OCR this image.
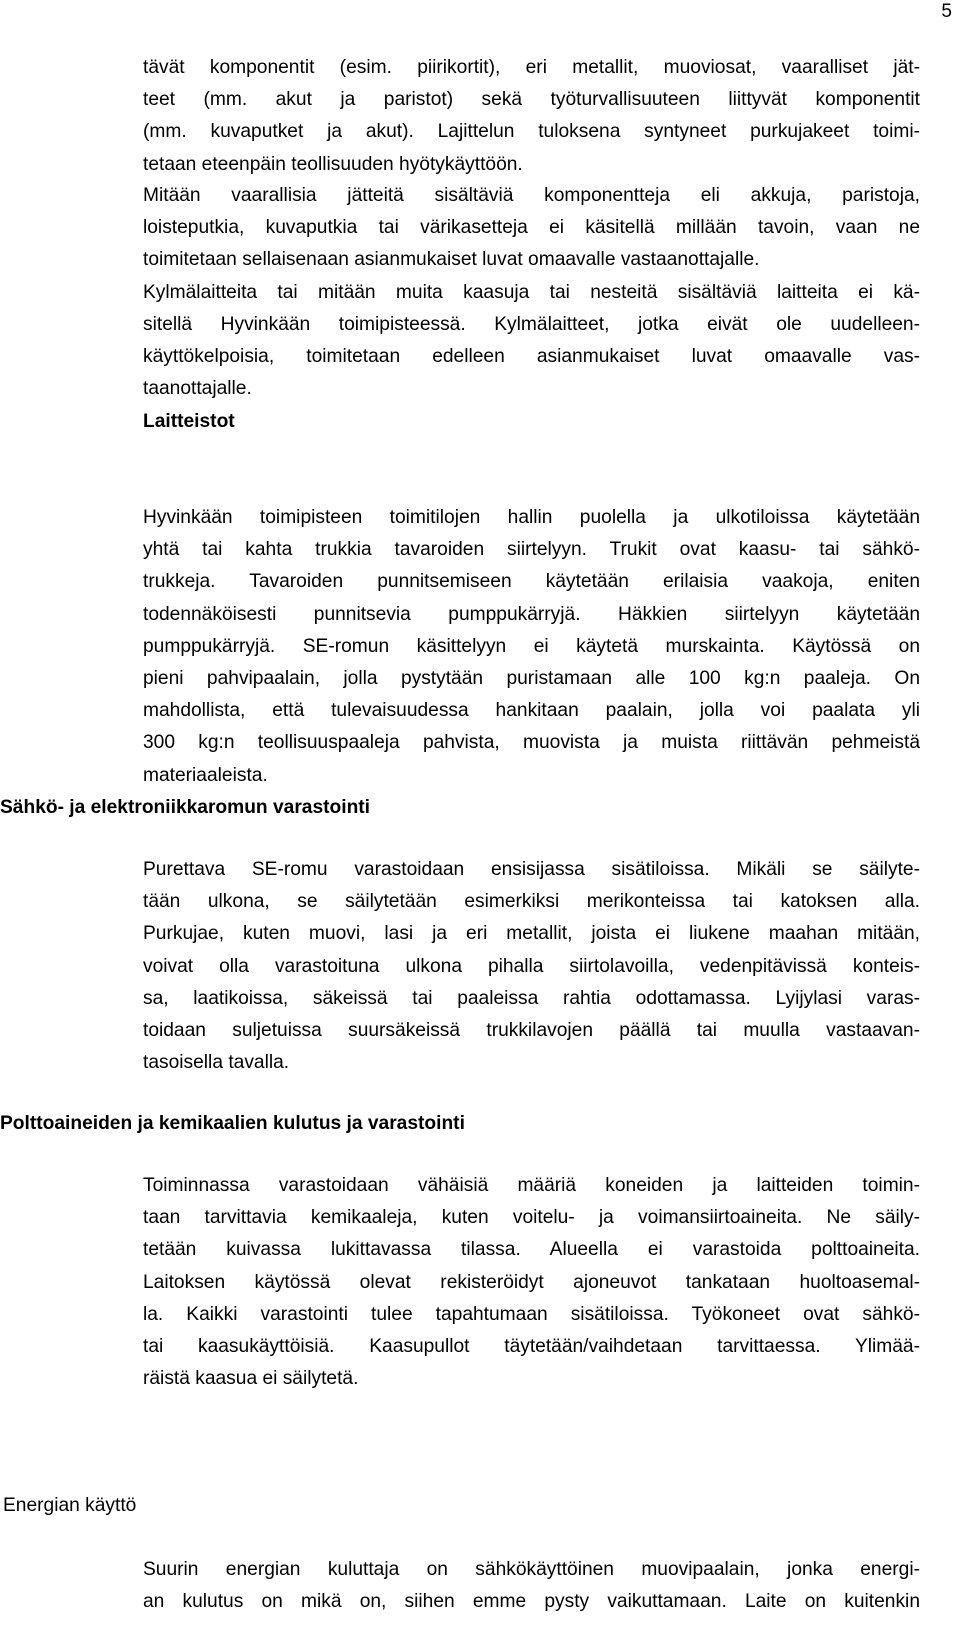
5
tävät komponentit (esim. piirikortit), eri metallit, muoviosat, vaaralliset jät-
teet (mm. akut ja paristot) sekä työturvallisuuteen liittyvät komponentit
(mm. kuvaputket ja akut). Lajittelun tuloksena syntyneet purkujakeet toimi-
tetaan eteenpäin teollisuuden hyötykäyttöön.
Mitään vaarallisia jätteitä sisältäviä komponentteja eli akkuja, paristoja,
loisteputkia, kuvaputkia tai värikasetteja ei käsitellä millään tavoin, vaan ne
toimitetaan sellaisenaan asianmukaiset luvat omaavalle vastaanottajalle.
Kylmälaitteita tai mitään muita kaasuja tai nesteitä sisältäviä laitteita ei kä-
sitellä Hyvinkään toimipisteessä. Kylmälaitteet, jotka eivät ole uudelleen-
käyttökelpoisia, toimitetaan edelleen asianmukaiset luvat omaavalle vas-
taanottajalle.
Laitteistot
Hyvinkään toimipisteen toimitilojen hallin puolella ja ulkotiloissa käytetään
yhtä tai kahta trukkia tavaroiden siirtelyyn. Trukit ovat kaasu- tai sähkö-
trukkeja. Tavaroiden punnitsemiseen käytetään erilaisia vaakoja, eniten
todennäköisesti punnitsevia pumppukärryjä. Häkkien siirtelyyn käytetään
pumppukärryjä. SE-romun käsittelyyn ei käytetä murskainta. Käytössä on
pieni pahvipaalain, jolla pystytään puristamaan alle 100 kg:n paaleja. On
mahdollista, että tulevaisuudessa hankitaan paalain, jolla voi paalata yli
300 kg:n teollisuuspaaleja pahvista, muovista ja muista riittävän pehmeistä
materiaaleista.
Sähkö- ja elektroniikkaromun varastointi
Purettava SE-romu varastoidaan ensisijassa sisätiloissa. Mikäli se säilyte-
tään ulkona, se säilytetään esimerkiksi merikonteissa tai katoksen alla.
Purkujae, kuten muovi, lasi ja eri metallit, joista ei liukene maahan mitään,
voivat olla varastoituna ulkona pihalla siirtolavoilla, vedenpitävissä konteis-
sa, laatikoissa, säkeissä tai paaleissa rahtia odottamassa. Lyijylasi varas-
toidaan suljetuissa suursäkeissä trukkilavojen päällä tai muulla vastaavan-
tasoisella tavalla.
Polttoaineiden ja kemikaalien kulutus ja varastointi
Toiminnassa varastoidaan vähäisiä määriä koneiden ja laitteiden toimin-
taan tarvittavia kemikaaleja, kuten voitelu- ja voimansiirtoaineita. Ne säily-
tetään kuivassa lukittavassa tilassa. Alueella ei varastoida polttoaineita.
Laitoksen käytössä olevat rekisteröidyt ajoneuvot tankataan huoltoasemal-
la. Kaikki varastointi tulee tapahtumaan sisätiloissa. Työkoneet ovat sähkö-
tai kaasukäyttöisiä. Kaasupullot täytetään/vaihdetaan tarvittaessa. Ylimää-
räistä kaasua ei säilytetä.
Energian käyttö
Suurin energian kuluttaja on sähkökäyttöinen muovipaalain, jonka energi-
an kulutus on mikä on, siihen emme pysty vaikuttamaan. Laite on kuitenkin
